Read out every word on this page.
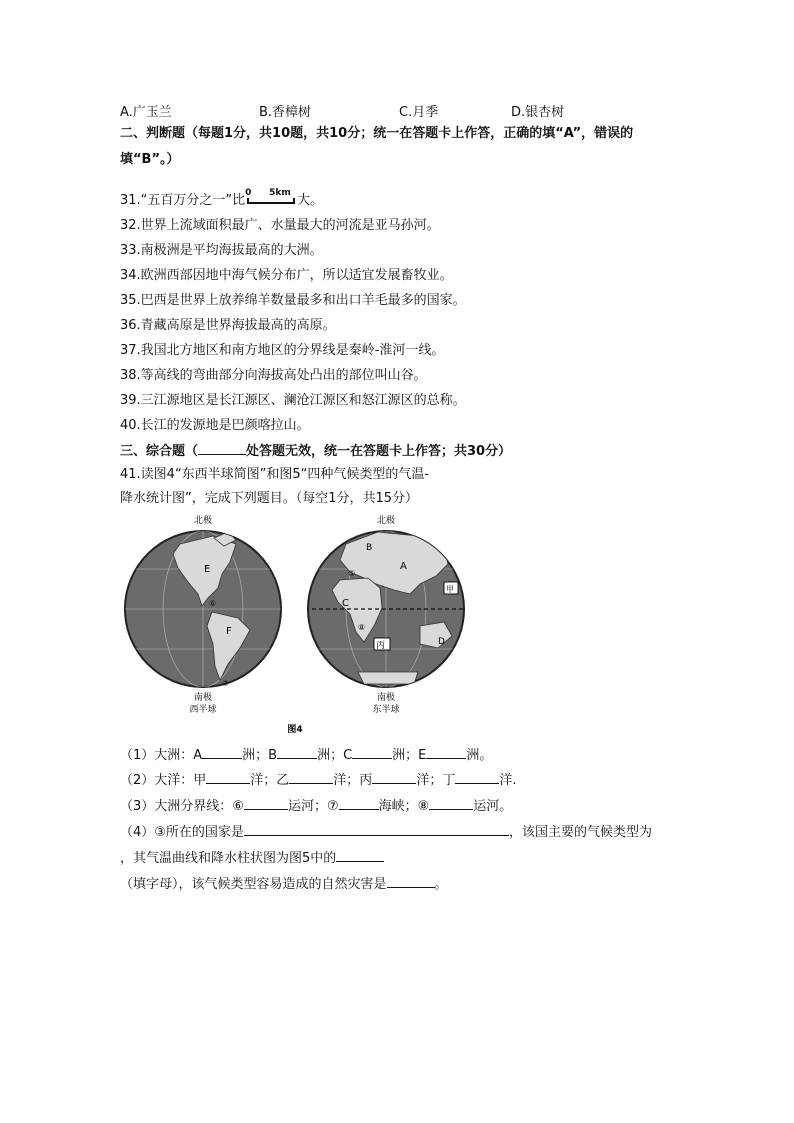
A.广玉兰	B.香樟树	C.月季	D.银杏树
二、判断题（每题1分，共10题，共10分；统一在答题卡上作答，正确的填“A”，错误的
填“B”。）
31.“五百万分之一”比 0 5km 大。
32.世界上流域面积最广、水量最大的河流是亚马孙河。
33.南极洲是平均海拔最高的大洲。
34.欧洲西部因地中海气候分布广，所以适宜发展畜牧业。
35.巴西是世界上放养绵羊数量最多和出口羊毛最多的国家。
36.青藏高原是世界海拔最高的高原。
37.我国北方地区和南方地区的分界线是秦岭-淮河一线。
38.等高线的弯曲部分向海拔高处凸出的部位叫山谷。
39.三江源地区是长江源区、澜沧江源区和怒江源区的总称。
40.长江的发源地是巴颜喀拉山。
三、综合题（	处答题无效，统一在答题卡上作答；共30分）
41.读图4“东西半球简图”和图5“四种气候类型的气温-
降水统计图”，完成下列题目。（每空1分，共15分）
北极
南极
西半球
E
F
⑥
⑦
北极
南极
东半球
A
B
C
D
甲
丙
⑤
⑧
图4
（1）大洲：A	洲；B	洲；C	洲；E	洲。
（2）大洋：甲	洋；乙	洋；丙	洋；丁	洋.
（3）大洲分界线：⑥	运河；⑦	海峡；⑧	运河。
（4）③所在的国家是	，该国主要的气候类型为
，其气温曲线和降水柱状图为图5中的
（填字母），该气候类型容易造成的自然灾害是	。
